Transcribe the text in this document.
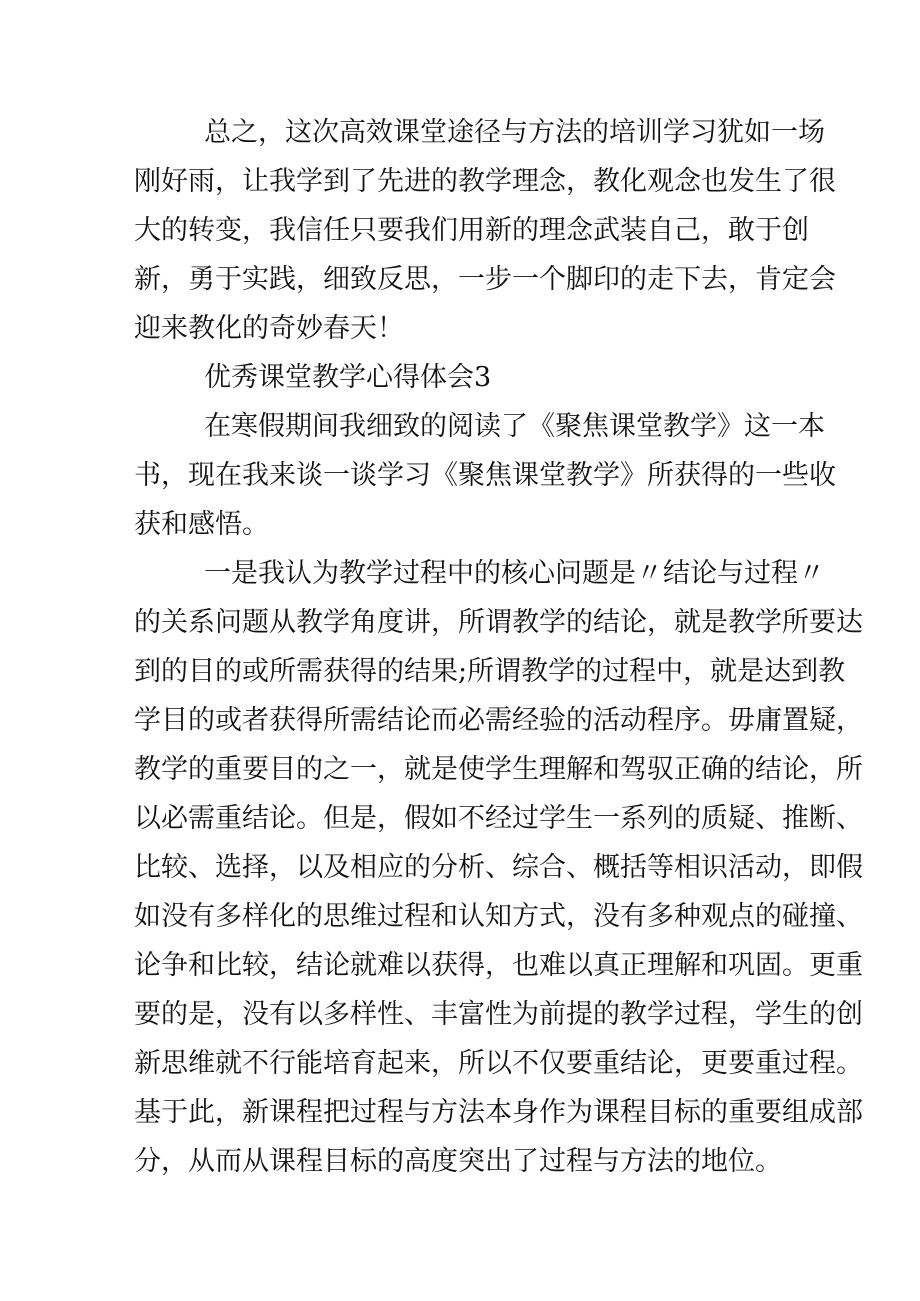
总之，这次高效课堂途径与方法的培训学习犹如一场
刚好雨，让我学到了先进的教学理念，教化观念也发生了很
大的转变，我信任只要我们用新的理念武装自己，敢于创
新，勇于实践，细致反思，一步一个脚印的走下去，肯定会
迎来教化的奇妙春天！
优秀课堂教学心得体会3
在寒假期间我细致的阅读了《聚焦课堂教学》这一本
书，现在我来谈一谈学习《聚焦课堂教学》所获得的一些收
获和感悟。
一是我认为教学过程中的核心问题是〃结论与过程〃
的关系问题从教学角度讲，所谓教学的结论，就是教学所要达
到的目的或所需获得的结果;所谓教学的过程中，就是达到教
学目的或者获得所需结论而必需经验的活动程序。毋庸置疑，
教学的重要目的之一，就是使学生理解和驾驭正确的结论，所
以必需重结论。但是，假如不经过学生一系列的质疑、推断、
比较、选择，以及相应的分析、综合、概括等相识活动，即假
如没有多样化的思维过程和认知方式，没有多种观点的碰撞、
论争和比较，结论就难以获得，也难以真正理解和巩固。更重
要的是，没有以多样性、丰富性为前提的教学过程，学生的创
新思维就不行能培育起来，所以不仅要重结论，更要重过程。
基于此，新课程把过程与方法本身作为课程目标的重要组成部
分，从而从课程目标的高度突出了过程与方法的地位。
